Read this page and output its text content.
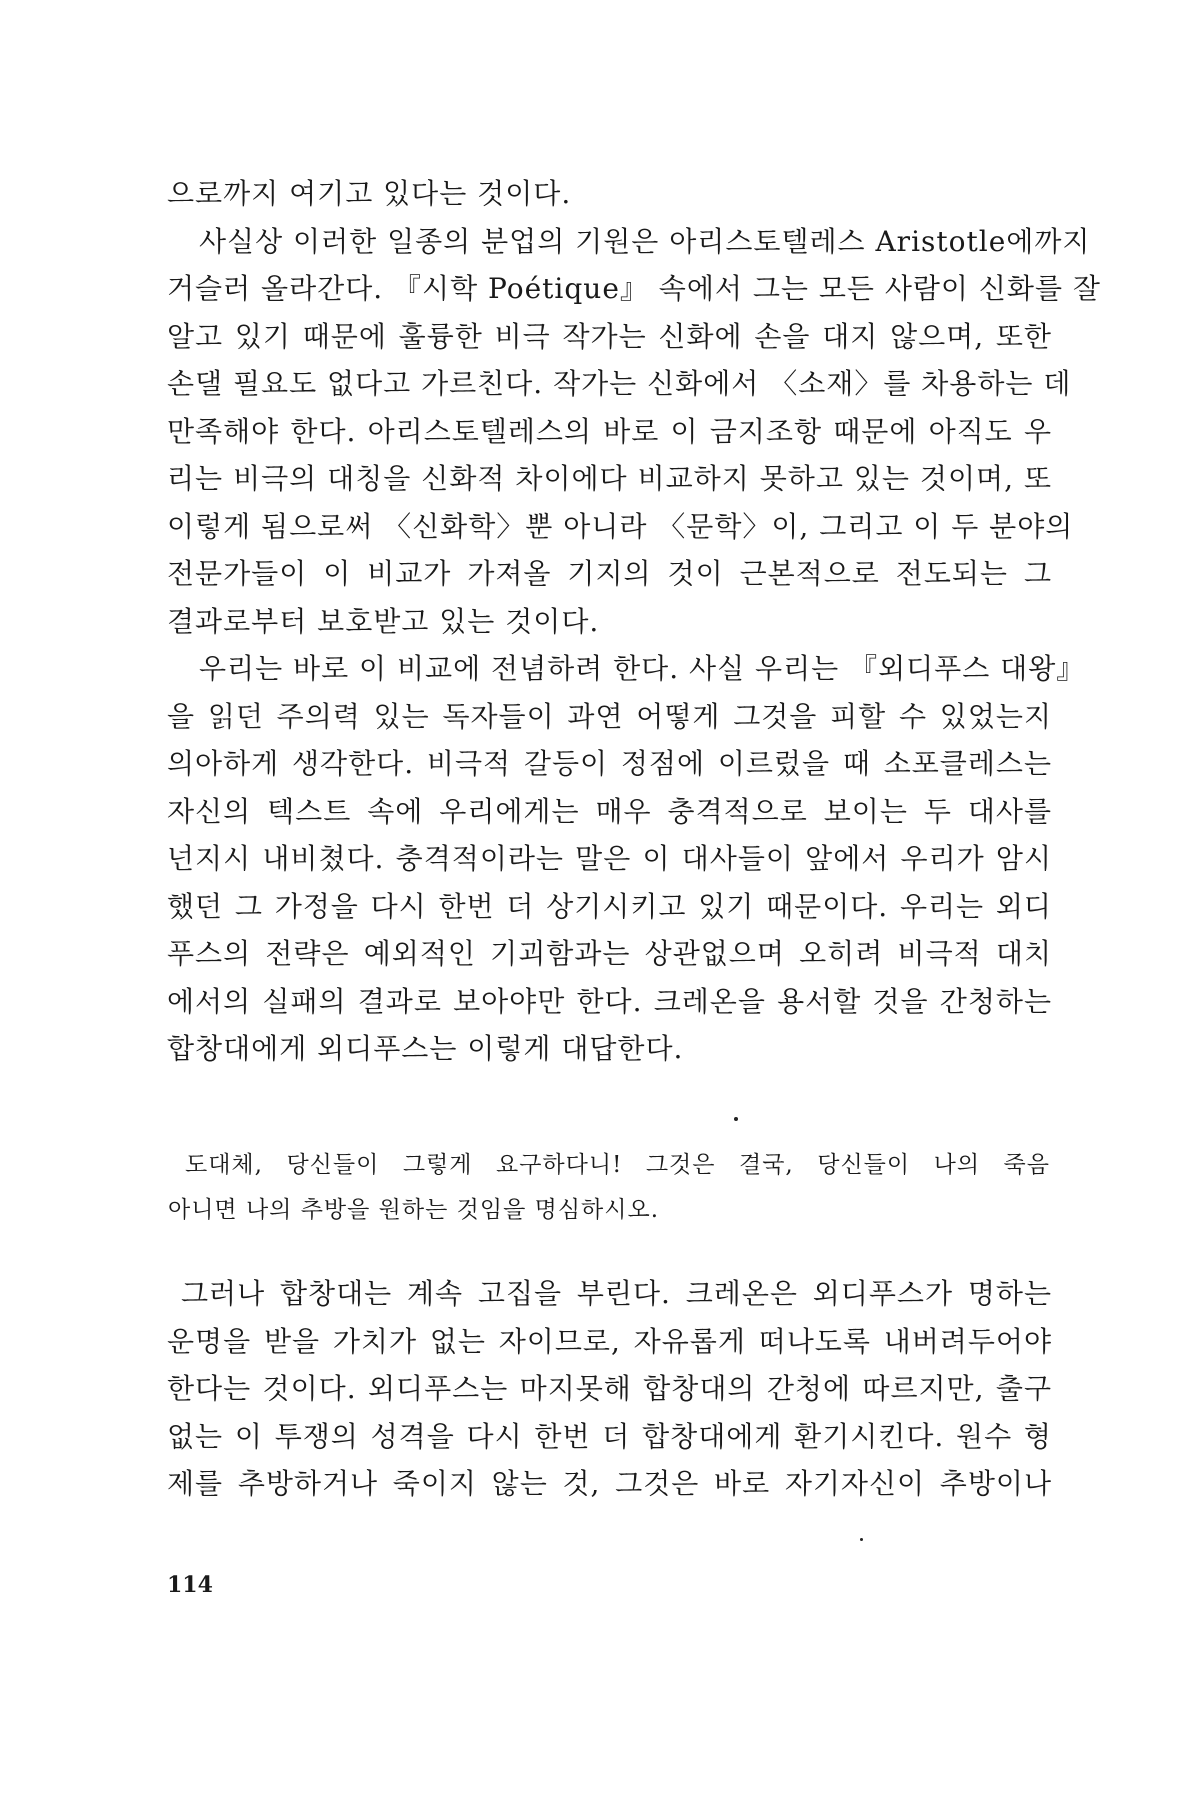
으로까지 여기고 있다는 것이다.
사실상 이러한 일종의 분업의 기원은 아리스토텔레스 Aristotle에까지
거슬러 올라간다. 『시학 Poétique』 속에서 그는 모든 사람이 신화를 잘
알고 있기 때문에 훌륭한 비극 작가는 신화에 손을 대지 않으며, 또한
손댈 필요도 없다고 가르친다. 작가는 신화에서 〈소재〉를 차용하는 데
만족해야 한다. 아리스토텔레스의 바로 이 금지조항 때문에 아직도 우
리는 비극의 대칭을 신화적 차이에다 비교하지 못하고 있는 것이며, 또
이렇게 됨으로써 〈신화학〉뿐 아니라 〈문학〉이, 그리고 이 두 분야의
전문가들이 이 비교가 가져올 기지의 것이 근본적으로 전도되는 그
결과로부터 보호받고 있는 것이다.
우리는 바로 이 비교에 전념하려 한다. 사실 우리는 『외디푸스 대왕』
을 읽던 주의력 있는 독자들이 과연 어떻게 그것을 피할 수 있었는지
의아하게 생각한다. 비극적 갈등이 정점에 이르렀을 때 소포클레스는
자신의 텍스트 속에 우리에게는 매우 충격적으로 보이는 두 대사를
넌지시 내비쳤다. 충격적이라는 말은 이 대사들이 앞에서 우리가 암시
했던 그 가정을 다시 한번 더 상기시키고 있기 때문이다. 우리는 외디
푸스의 전략은 예외적인 기괴함과는 상관없으며 오히려 비극적 대치
에서의 실패의 결과로 보아야만 한다. 크레온을 용서할 것을 간청하는
합창대에게 외디푸스는 이렇게 대답한다.
도대체, 당신들이 그렇게 요구하다니! 그것은 결국, 당신들이 나의 죽음
아니면 나의 추방을 원하는 것임을 명심하시오.
그러나 합창대는 계속 고집을 부린다. 크레온은 외디푸스가 명하는
운명을 받을 가치가 없는 자이므로, 자유롭게 떠나도록 내버려두어야
한다는 것이다. 외디푸스는 마지못해 합창대의 간청에 따르지만, 출구
없는 이 투쟁의 성격을 다시 한번 더 합창대에게 환기시킨다. 원수 형
제를 추방하거나 죽이지 않는 것, 그것은 바로 자기자신이 추방이나
114
